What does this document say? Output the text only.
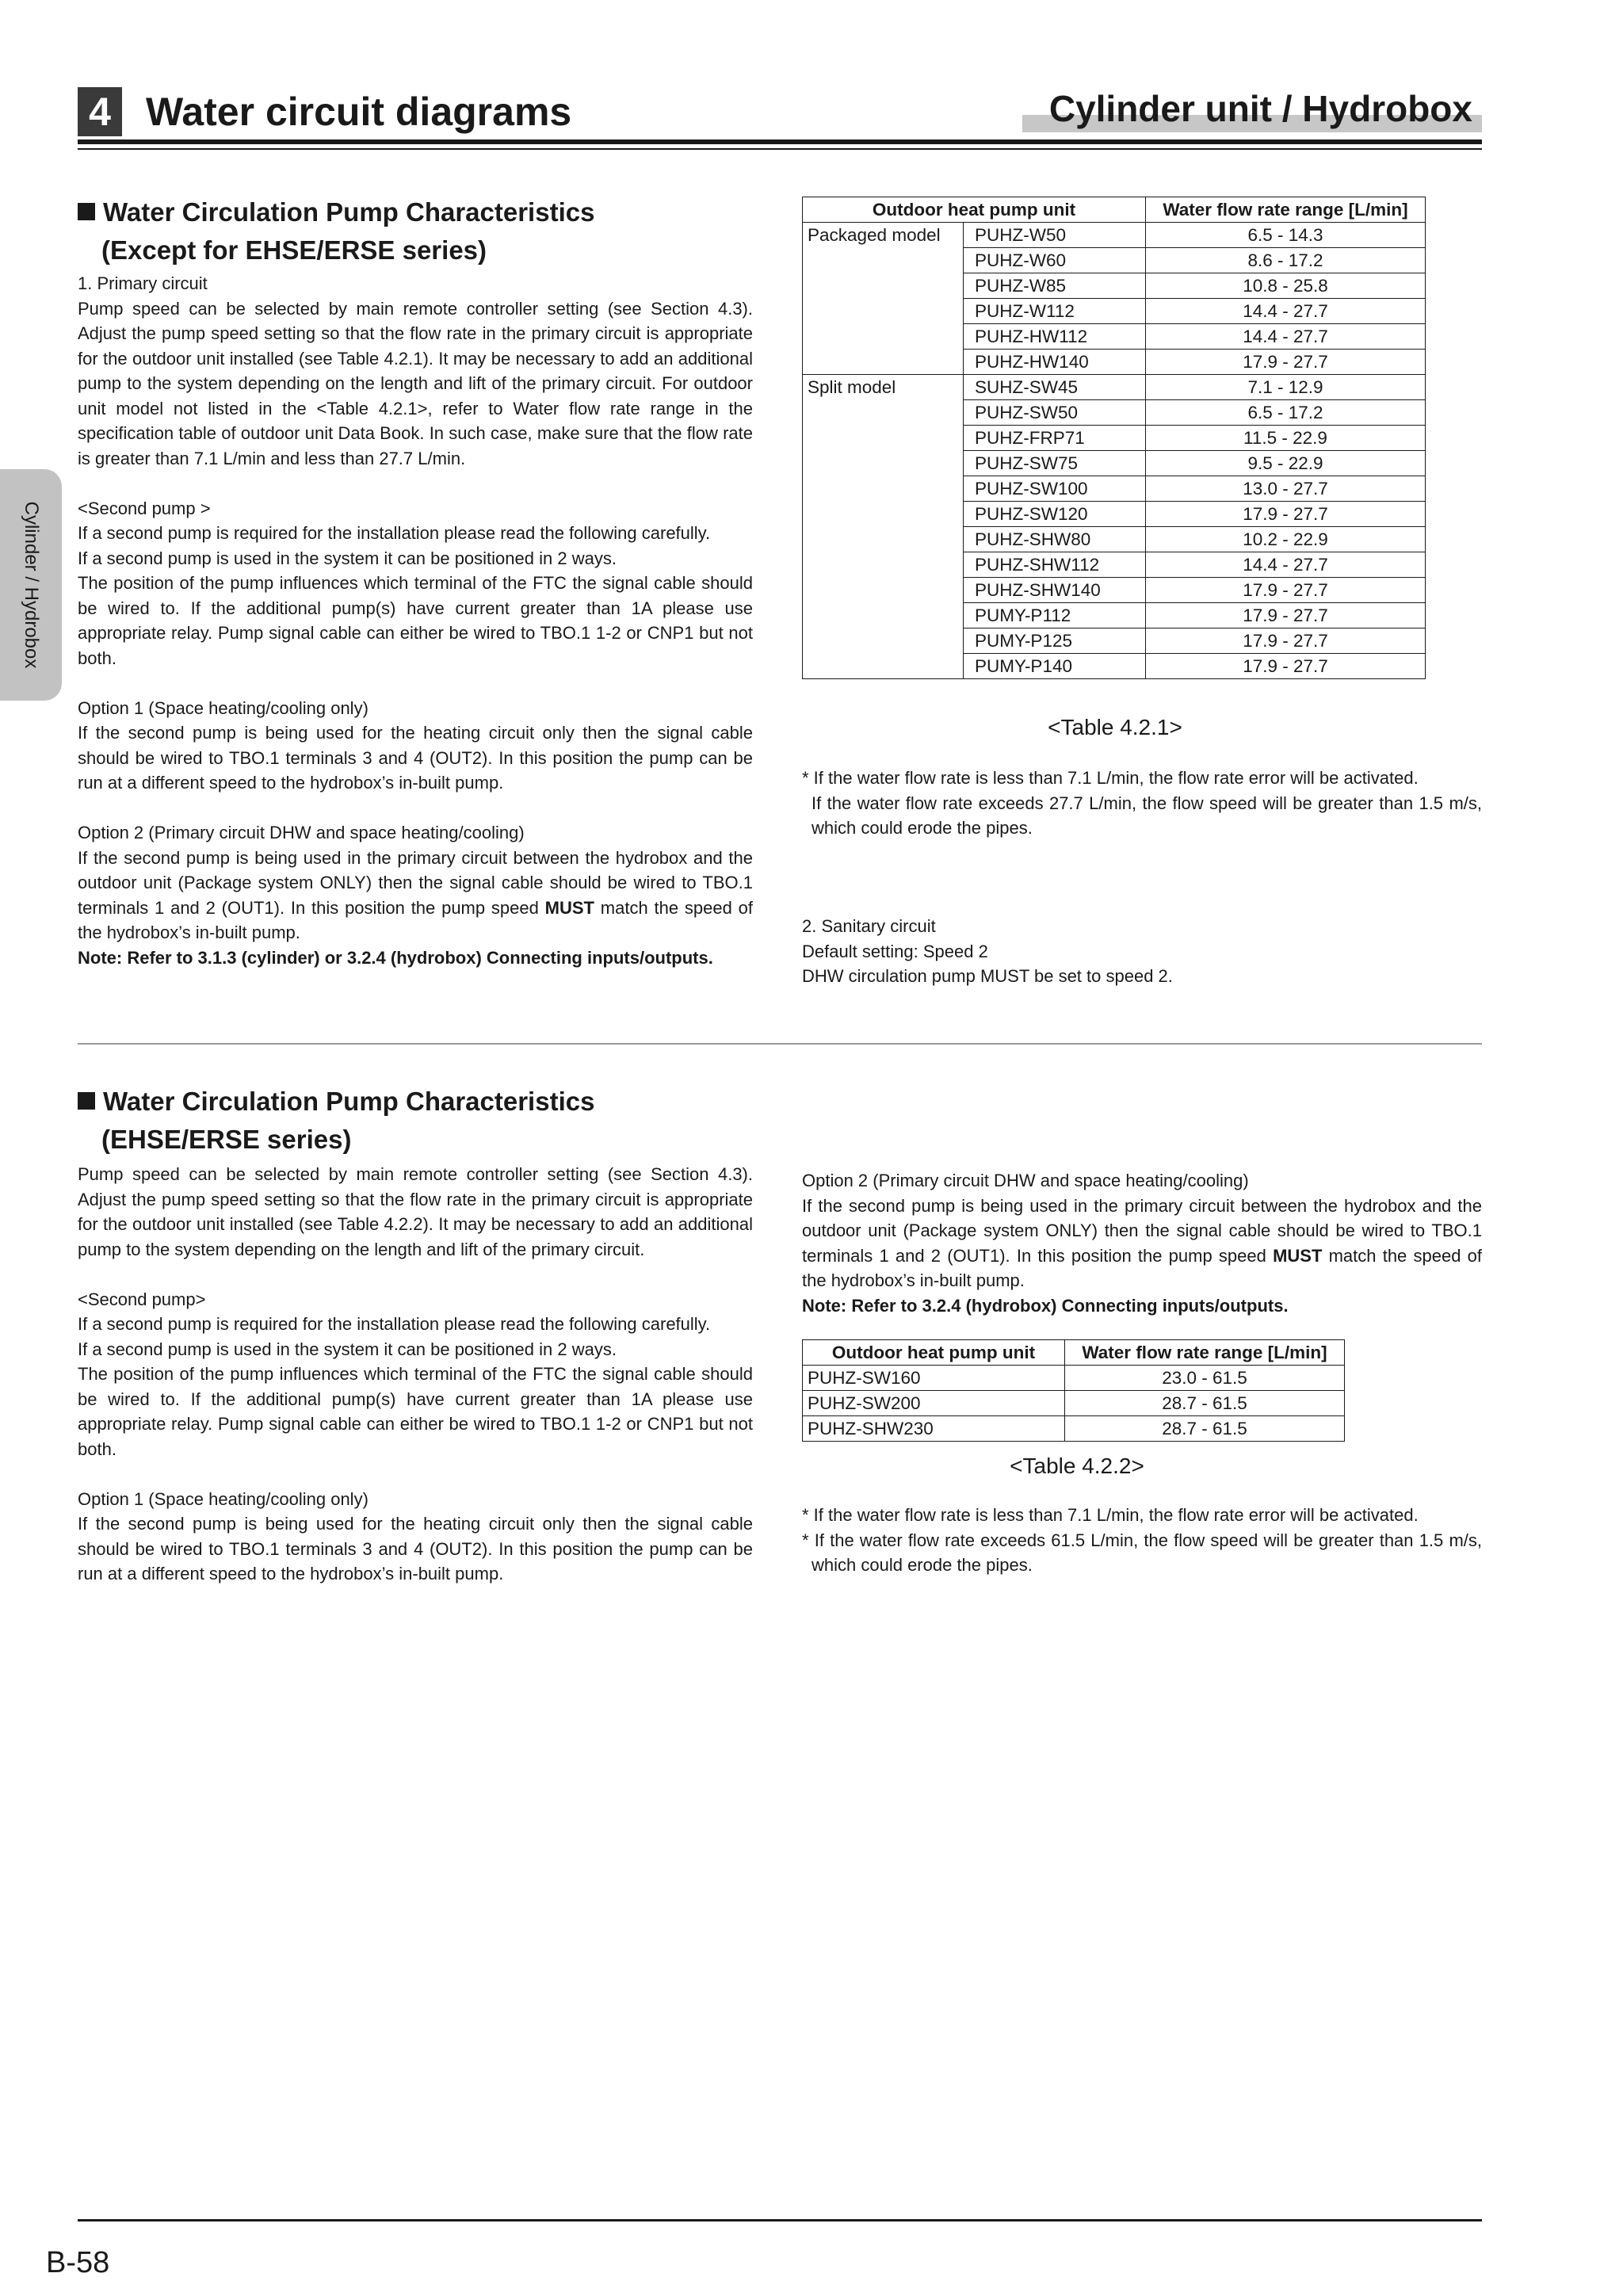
4 Water circuit diagrams	Cylinder unit / Hydrobox
Cylinder / Hydrobox
Water Circulation Pump Characteristics
(Except for EHSE/ERSE series)

1. Primary circuit

Pump speed can be selected by main remote controller setting (see Section 4.3). Adjust the pump speed setting so that the flow rate in the primary circuit is appropriate for the outdoor unit installed (see Table 4.2.1). It may be necessary to add an additional pump to the system depending on the length and lift of the primary circuit. For outdoor unit model not listed in the <Table 4.2.1>, refer to Water flow rate range in the specification table of outdoor unit Data Book. In such case, make sure that the flow rate is greater than 7.1 L/min and less than 27.7 L/min.

<Second pump >

If a second pump is required for the installation please read the following carefully.

If a second pump is used in the system it can be positioned in 2 ways.

The position of the pump influences which terminal of the FTC the signal cable should be wired to. If the additional pump(s) have current greater than 1A please use appropriate relay. Pump signal cable can either be wired to TBO.1 1-2 or CNP1 but not both.

Option 1 (Space heating/cooling only)

If the second pump is being used for the heating circuit only then the signal cable should be wired to TBO.1 terminals 3 and 4 (OUT2). In this position the pump can be run at a different speed to the hydrobox’s in-built pump.

Option 2 (Primary circuit DHW and space heating/cooling)

If the second pump is being used in the primary circuit between the hydrobox and the outdoor unit (Package system ONLY) then the signal cable should be wired to TBO.1 terminals 1 and 2 (OUT1). In this position the pump speed MUST match the speed of the hydrobox’s in-built pump.

Note: Refer to 3.1.3 (cylinder) or 3.2.4 (hydrobox) Connecting inputs/outputs.

Outdoor heat pump unit		Water flow rate range [L/min]
Packaged model	PUHZ-W50	6.5 - 14.3
	PUHZ-W60	8.6 - 17.2
	PUHZ-W85	10.8 - 25.8
	PUHZ-W112	14.4 - 27.7
	PUHZ-HW112	14.4 - 27.7
	PUHZ-HW140	17.9 - 27.7
Split model	SUHZ-SW45	7.1 - 12.9
	PUHZ-SW50	6.5 - 17.2
	PUHZ-FRP71	11.5 - 22.9
	PUHZ-SW75	9.5 - 22.9
	PUHZ-SW100	13.0 - 27.7
	PUHZ-SW120	17.9 - 27.7
	PUHZ-SHW80	10.2 - 22.9
	PUHZ-SHW112	14.4 - 27.7
	PUHZ-SHW140	17.9 - 27.7
	PUMY-P112	17.9 - 27.7
	PUMY-P125	17.9 - 27.7
	PUMY-P140	17.9 - 27.7
<Table 4.2.1>

* If the water flow rate is less than 7.1 L/min, the flow rate error will be activated.

If the water flow rate exceeds 27.7 L/min, the flow speed will be greater than 1.5 m/s, which could erode the pipes.

2. Sanitary circuit

Default setting: Speed 2

DHW circulation pump MUST be set to speed 2.

Water Circulation Pump Characteristics
(EHSE/ERSE series)

Pump speed can be selected by main remote controller setting (see Section 4.3). Adjust the pump speed setting so that the flow rate in the primary circuit is appropriate for the outdoor unit installed (see Table 4.2.2). It may be necessary to add an additional pump to the system depending on the length and lift of the primary circuit.

<Second pump>

If a second pump is required for the installation please read the following carefully.

If a second pump is used in the system it can be positioned in 2 ways.

The position of the pump influences which terminal of the FTC the signal cable should be wired to. If the additional pump(s) have current greater than 1A please use appropriate relay. Pump signal cable can either be wired to TBO.1 1-2 or CNP1 but not both.

Option 1 (Space heating/cooling only)

If the second pump is being used for the heating circuit only then the signal cable should be wired to TBO.1 terminals 3 and 4 (OUT2). In this position the pump can be run at a different speed to the hydrobox’s in-built pump.

Option 2 (Primary circuit DHW and space heating/cooling)

If the second pump is being used in the primary circuit between the hydrobox and the outdoor unit (Package system ONLY) then the signal cable should be wired to TBO.1 terminals 1 and 2 (OUT1). In this position the pump speed MUST match the speed of the hydrobox’s in-built pump.

Note: Refer to 3.2.4 (hydrobox) Connecting inputs/outputs.

Outdoor heat pump unit	Water flow rate range [L/min]
PUHZ-SW160	23.0 - 61.5
PUHZ-SW200	28.7 - 61.5
PUHZ-SHW230	28.7 - 61.5
<Table 4.2.2>

* If the water flow rate is less than 7.1 L/min, the flow rate error will be activated.

* If the water flow rate exceeds 61.5 L/min, the flow speed will be greater than 1.5 m/s, which could erode the pipes.

B-58
